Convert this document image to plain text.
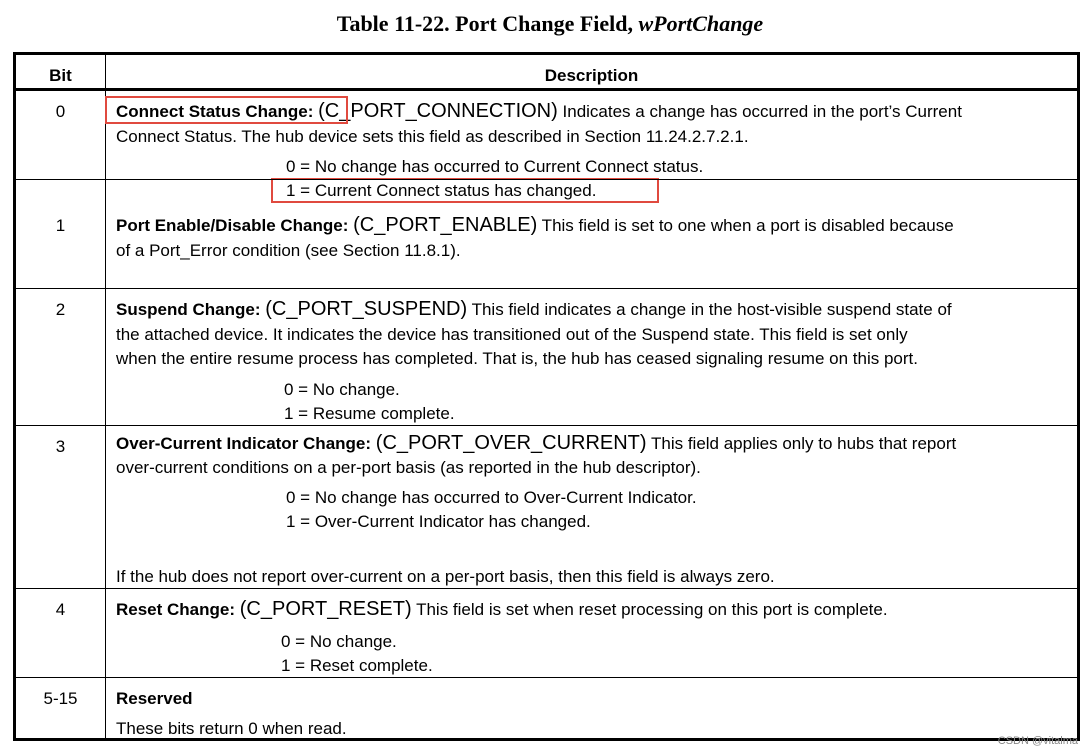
Table 11-22. Port Change Field, wPortChange
Bit	Description
0	Connect Status Change: (C_PORT_CONNECTION) Indicates a change has occurred in the port’s Current
Connect Status. The hub device sets this field as described in Section 11.24.2.7.2.1.
0 = No change has occurred to Current Connect status.
1 = Current Connect status has changed.
1	Port Enable/Disable Change: (C_PORT_ENABLE) This field is set to one when a port is disabled because
of a Port_Error condition (see Section 11.8.1).
2	Suspend Change: (C_PORT_SUSPEND) This field indicates a change in the host-visible suspend state of
the attached device. It indicates the device has transitioned out of the Suspend state. This field is set only
when the entire resume process has completed. That is, the hub has ceased signaling resume on this port.
0 = No change.
1 = Resume complete.
3	Over-Current Indicator Change: (C_PORT_OVER_CURRENT) This field applies only to hubs that report
over-current conditions on a per-port basis (as reported in the hub descriptor).
0 = No change has occurred to Over-Current Indicator.
1 = Over-Current Indicator has changed.
If the hub does not report over-current on a per-port basis, then this field is always zero.
4	Reset Change: (C_PORT_RESET) This field is set when reset processing on this port is complete.
0 = No change.
1 = Reset complete.
5-15	Reserved
These bits return 0 when read.
CSDN @vitalma
